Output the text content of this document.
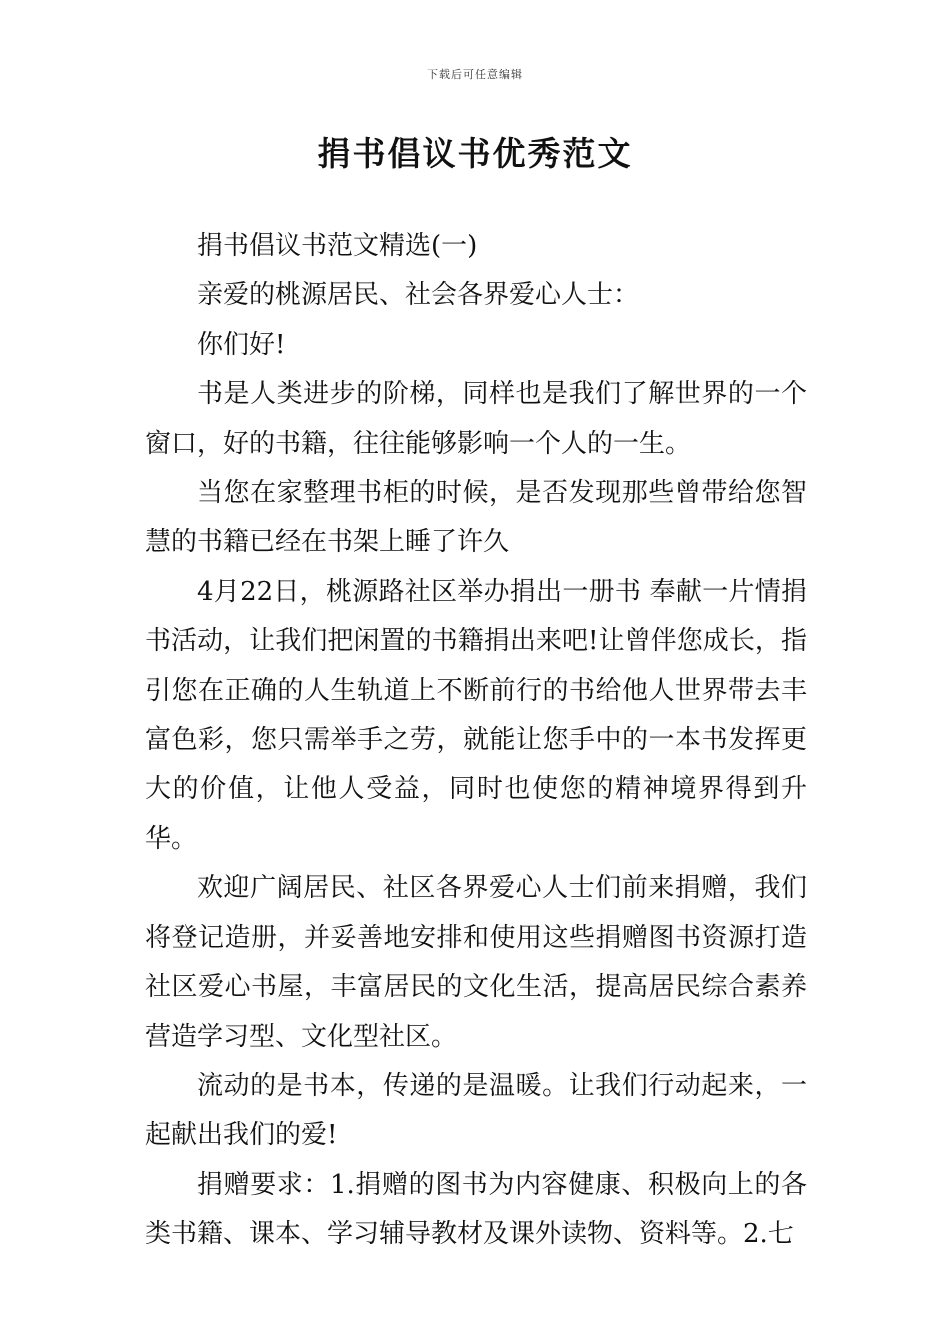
下载后可任意编辑
捐书倡议书优秀范文

捐书倡议书范文精选(一)

亲爱的桃源居民、社会各界爱心人士：

你们好!

书是人类进步的阶梯，同样也是我们了解世界的一个窗口，好的书籍，往往能够影响一个人的一生。

当您在家整理书柜的时候，是否发现那些曾带给您智慧的书籍已经在书架上睡了许久

4月22日，桃源路社区举办捐出一册书 奉献一片情捐书活动，让我们把闲置的书籍捐出来吧!让曾伴您成长，指引您在正确的人生轨道上不断前行的书给他人世界带去丰富色彩，您只需举手之劳，就能让您手中的一本书发挥更大的价值，让他人受益，同时也使您的精神境界得到升华。

欢迎广阔居民、社区各界爱心人士们前来捐赠，我们将登记造册，并妥善地安排和使用这些捐赠图书资源打造社区爱心书屋，丰富居民的文化生活，提高居民综合素养营造学习型、文化型社区。

流动的是书本，传递的是温暖。让我们行动起来，一起献出我们的爱!

捐赠要求：1.捐赠的图书为内容健康、积极向上的各类书籍、课本、学习辅导教材及课外读物、资料等。2.七
